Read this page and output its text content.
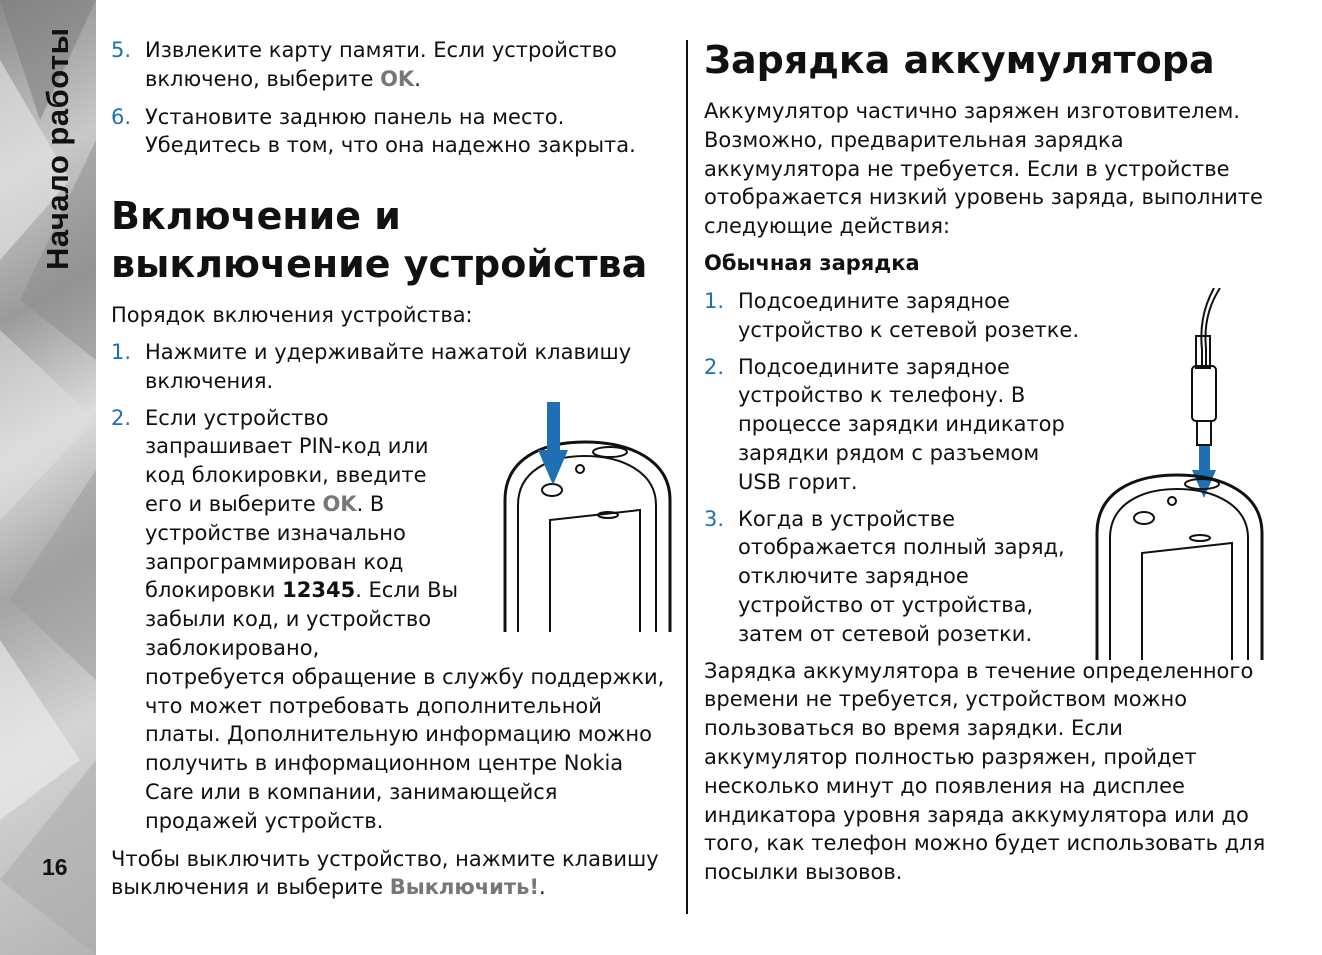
Начало работы
16
5. Извлеките карту памяти. Если устройство включено, выберите OK.
6. Установите заднюю панель на место. Убедитесь в том, что она надежно закрыта.
Включение и выключение устройства

Порядок включения устройства:

1. Нажмите и удерживайте нажатой клавишу включения.
2. Если устройство запрашивает PIN-код или код блокировки, введите его и выберите OK. В устройстве изначально запрограммирован код блокировки 12345. Если Вы забыли код, и устройство заблокировано, потребуется обращение в службу поддержки, что может потребовать дополнительной платы. Дополнительную информацию можно получить в информационном центре Nokia Care или в компании, занимающейся продажей устройств.

Чтобы выключить устройство, нажмите клавишу выключения и выберите Выключить!.

Зарядка аккумулятора

Аккумулятор частично заряжен изготовителем. Возможно, предварительная зарядка аккумулятора не требуется. Если в устройстве отображается низкий уровень заряда, выполните следующие действия:

Обычная зарядка
1. Подсоедините зарядное устройство к сетевой розетке.
2. Подсоедините зарядное устройство к телефону. В процессе зарядки индикатор зарядки рядом с разъемом USB горит.
3. Когда в устройстве отображается полный заряд, отключите зарядное устройство от устройства, затем от сетевой розетки.

Зарядка аккумулятора в течение определенного времени не требуется, устройством можно пользоваться во время зарядки. Если аккумулятор полностью разряжен, пройдет несколько минут до появления на дисплее индикатора уровня заряда аккумулятора или до того, как телефон можно будет использовать для посылки вызовов.
